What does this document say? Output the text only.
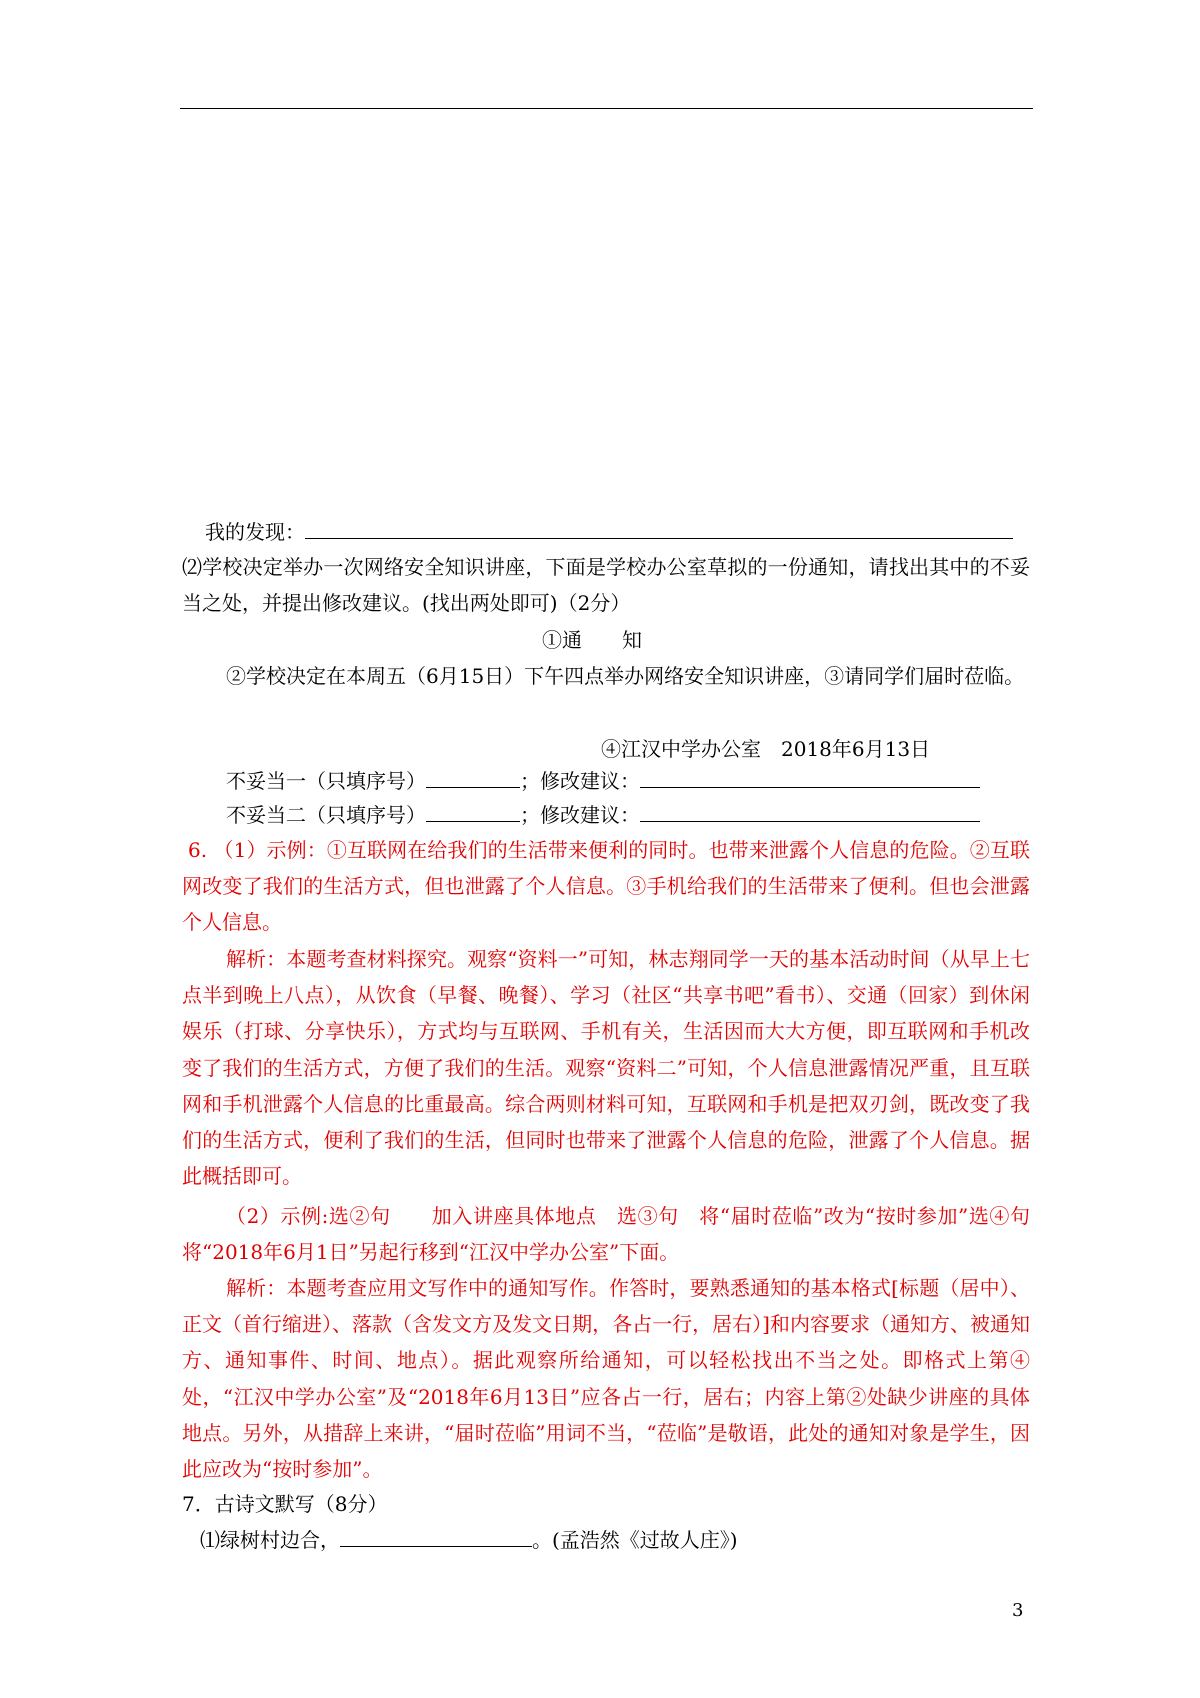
我的发现：
⑵学校决定举办一次网络安全知识讲座，下面是学校办公室草拟的一份通知，请找出其中的不妥当之处，并提出修改建议。(找出两处即可)（2分）
①通　　知
②学校决定在本周五（6月15日）下午四点举办网络安全知识讲座，③请同学们届时莅临。
④江汉中学办公室　2018年6月13日
不妥当一（只填序号）	；修改建议：
不妥当二（只填序号）	；修改建议：
6. （1）示例：①互联网在给我们的生活带来便利的同时。也带来泄露个人信息的危险。②互联网改变了我们的生活方式，但也泄露了个人信息。③手机给我们的生活带来了便利。但也会泄露个人信息。
解析：本题考查材料探究。观察“资料一”可知，林志翔同学一天的基本活动时间（从早上七点半到晚上八点），从饮食（早餐、晚餐）、学习（社区“共享书吧”看书）、交通（回家）到休闲娱乐（打球、分享快乐），方式均与互联网、手机有关，生活因而大大方便，即互联网和手机改变了我们的生活方式，方便了我们的生活。观察“资料二”可知，个人信息泄露情况严重，且互联网和手机泄露个人信息的比重最高。综合两则材料可知，互联网和手机是把双刃剑，既改变了我们的生活方式，便利了我们的生活，但同时也带来了泄露个人信息的危险，泄露了个人信息。据此概括即可。
（2）示例:选②句　　加入讲座具体地点　选③句　将“届时莅临”改为“按时参加”选④句　将“2018年6月1日”另起行移到“江汉中学办公室”下面。
解析：本题考查应用文写作中的通知写作。作答时，要熟悉通知的基本格式[标题（居中）、正文（首行缩进）、落款（含发文方及发文日期，各占一行，居右）]和内容要求（通知方、被通知方、通知事件、时间、地点）。据此观察所给通知，可以轻松找出不当之处。即格式上第④处，“江汉中学办公室”及“2018年6月13日”应各占一行，居右；内容上第②处缺少讲座的具体地点。另外，从措辞上来讲，“届时莅临”用词不当，“莅临”是敬语，此处的通知对象是学生，因此应改为“按时参加”。
7．古诗文默写（8分）
⑴绿树村边合，	。(孟浩然《过故人庄》)
3
